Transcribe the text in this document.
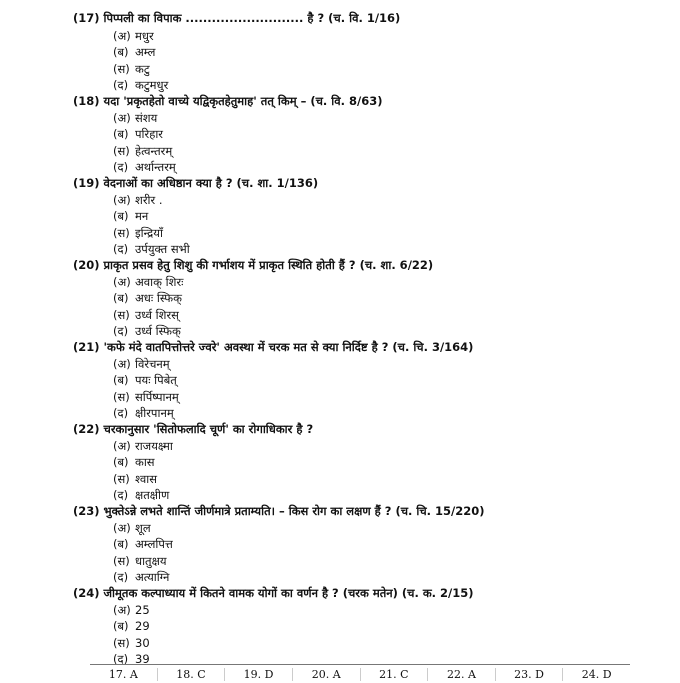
(17) पिप्पली का विपाक ........................... है ? (च. वि. 1/16)
(अ) मधुर
(ब) अम्ल
(स) कटु
(द) कटुमधुर
(18) यदा 'प्रकृतहेतो वाच्ये यद्विकृतहेतुमाह' तत् किम् – (च. वि. 8/63)
(अ) संशय
(ब) परिहार
(स) हेत्वन्तरम्
(द) अर्थान्तरम्
(19) वेदनाओं का अधिष्ठान क्या है ? (च. शा. 1/136)
(अ) शरीर .
(ब) मन
(स) इन्द्रियाँ
(द) उर्पयुक्त सभी
(20) प्राकृत प्रसव हेतु शिशु की गर्भाशय में प्राकृत स्थिति होती हैं ? (च. शा. 6/22)
(अ) अवाक् शिरः
(ब) अधः स्फिक्
(स) उर्ध्व शिरस्
(द) उर्ध्व स्फिक्
(21) 'कफे मंदे वातपित्तोत्तरे ज्वरे' अवस्था में चरक मत से क्या निर्दिष्ट है ? (च. चि. 3/164)
(अ) विरेचनम्
(ब) पयः पिबेत्
(स) सर्पिष्पानम्
(द) क्षीरपानम्
(22) चरकानुसार 'सितोफलादि चूर्ण' का रोगाधिकार है ?
(अ) राजयक्ष्मा
(ब) कास
(स) श्वास
(द) क्षतक्षीण
(23) भुक्तेऽन्ने लभते शान्तिं जीर्णमात्रे प्रताम्यति। – किस रोग का लक्षण हैं ? (च. चि. 15/220)
(अ) शूल
(ब) अम्लपित्त
(स) धातुक्षय
(द) अत्याग्नि
(24) जीमूतक कल्पाध्याय में कितने वामक योगों का वर्णन है ? (चरक मतेन) (च. क. 2/15)
(अ) 25
(ब) 29
(स) 30
(द) 39
17. A	18. C	19. D	20. A	21. C	22. A	23. D	24. D
